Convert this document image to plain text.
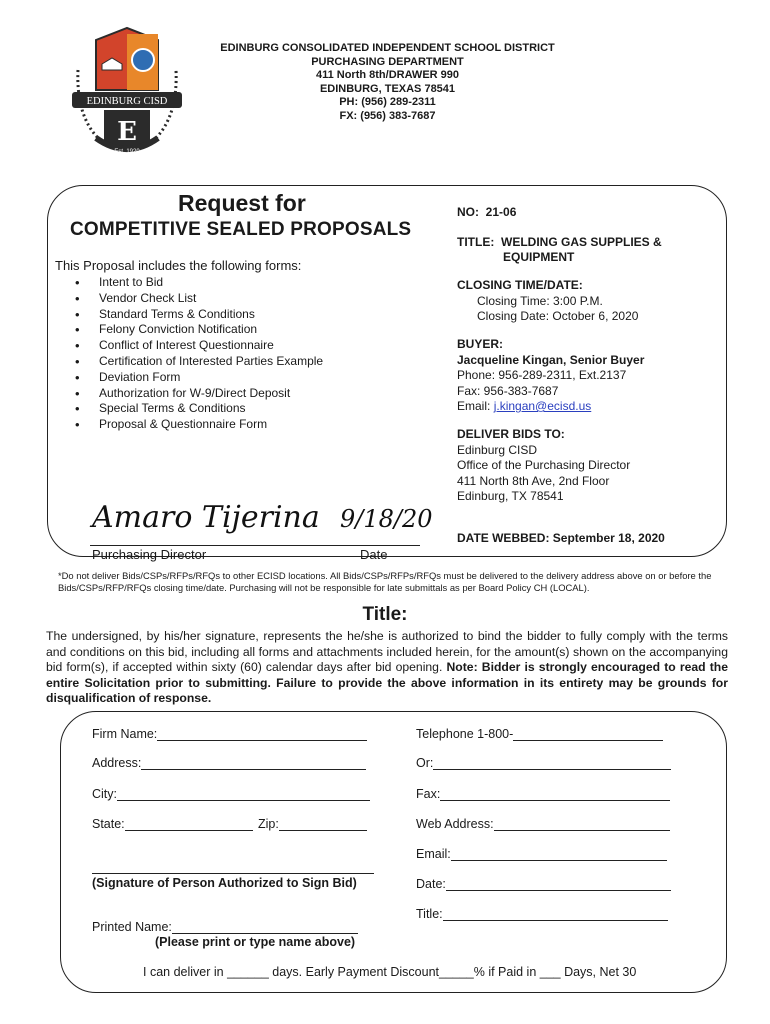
EDINBURG CISD
E
Est. 1920
EDINBURG CONSOLIDATED INDEPENDENT SCHOOL DISTRICT
PURCHASING DEPARTMENT
411 North 8th/DRAWER 990
EDINBURG, TEXAS 78541
PH: (956) 289-2311
FX: (956) 383-7687
Request for
COMPETITIVE SEALED PROPOSALS
This Proposal includes the following forms:
• Intent to Bid
• Vendor Check List
• Standard Terms & Conditions
• Felony Conviction Notification
• Conflict of Interest Questionnaire
• Certification of Interested Parties Example
• Deviation Form
• Authorization for W-9/Direct Deposit
• Special Terms & Conditions
• Proposal & Questionnaire Form
NO: 21-06
TITLE: WELDING GAS SUPPLIES &
EQUIPMENT
CLOSING TIME/DATE:
Closing Time: 3:00 P.M.
Closing Date: October 6, 2020
BUYER:
Jacqueline Kingan, Senior Buyer
Phone: 956-289-2311, Ext.2137
Fax: 956-383-7687
Email: j.kingan@ecisd.us
DELIVER BIDS TO:
Edinburg CISD
Office of the Purchasing Director
411 North 8th Ave, 2nd Floor
Edinburg, TX 78541
DATE WEBBED: September 18, 2020
Amaro Tijerina 9/18/20
Purchasing Director	Date
*Do not deliver Bids/CSPs/RFPs/RFQs to other ECISD locations. All Bids/CSPs/RFPs/RFQs must be delivered to the delivery address above on or before the Bids/CSPs/RFP/RFQs closing time/date. Purchasing will not be responsible for late submittals as per Board Policy CH (LOCAL).
Title:
The undersigned, by his/her signature, represents the he/she is authorized to bind the bidder to fully comply with the terms and conditions on this bid, including all forms and attachments included herein, for the amount(s) shown on the accompanying bid form(s), if accepted within sixty (60) calendar days after bid opening. Note: Bidder is strongly encouraged to read the entire Solicitation prior to submitting. Failure to provide the above information in its entirety may be grounds for disqualification of response.
Firm Name:
Address:
City:
State:	Zip:
(Signature of Person Authorized to Sign Bid)
Printed Name:
(Please print or type name above)
Telephone 1-800-
Or:
Fax:
Web Address:
Email:
Date:
Title:
I can deliver in ______ days. Early Payment Discount_____% if Paid in ___ Days, Net 30
